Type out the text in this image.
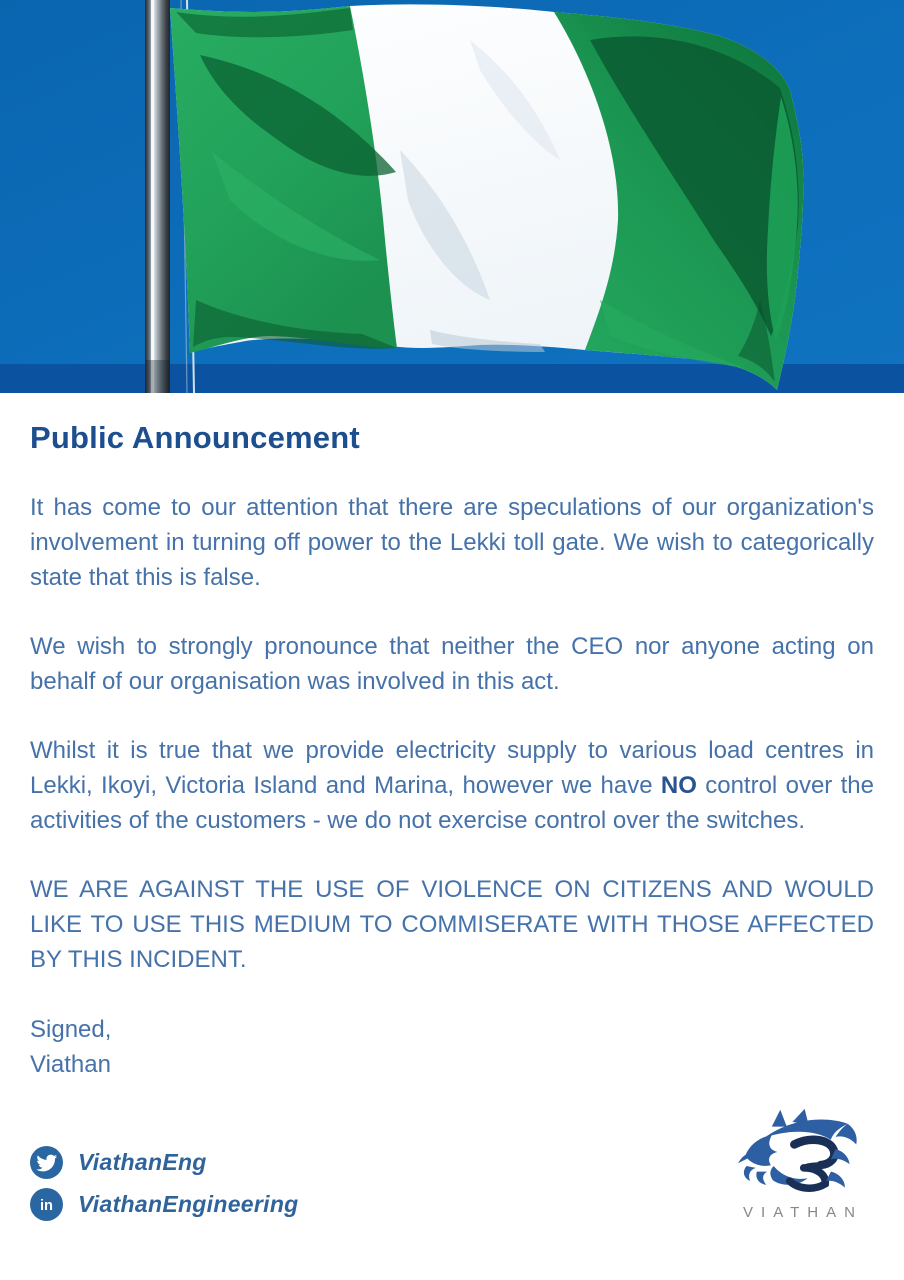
Public Announcement

It has come to our attention that there are speculations of our organization's involvement in turning off power to the Lekki toll gate. We wish to categorically state that this is false.

We wish to strongly pronounce that neither the CEO nor anyone acting on behalf of our organisation was involved in this act.

Whilst it is true that we provide electricity supply to various load centres in Lekki, Ikoyi, Victoria Island and Marina, however we have NO control over the activities of the customers - we do not exercise control over the switches.

WE ARE AGAINST THE USE OF VIOLENCE ON CITIZENS AND WOULD LIKE TO USE THIS MEDIUM TO COMMISERATE WITH THOSE AFFECTED BY THIS INCIDENT.

Signed,
Viathan
ViathanEng
in ViathanEngineering	VIATHAN
